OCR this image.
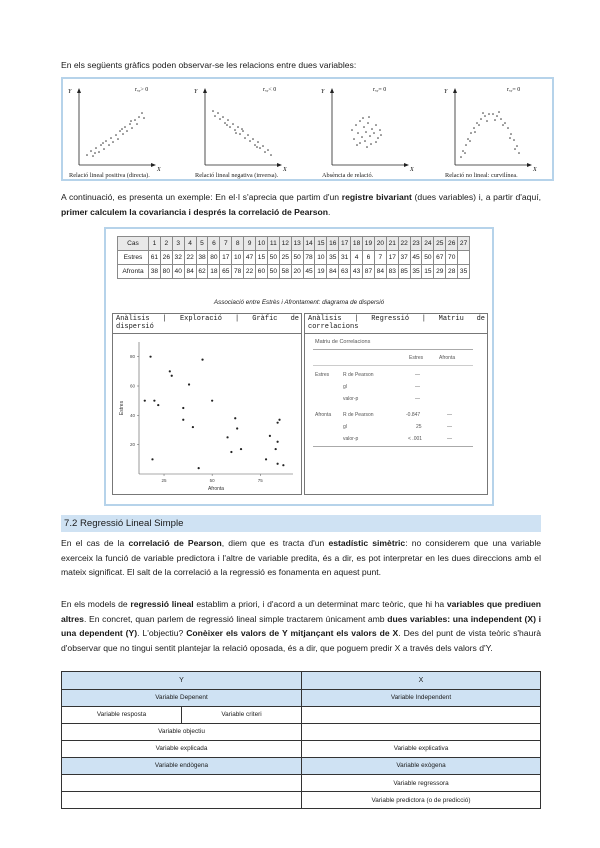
En els següents gràfics poden observar-se les relacions entre dues variables:

Y
X
rₓᵧ> 0
Relació lineal positiva (directa).
Y
X
rₓᵧ< 0
Relació lineal negativa (inversa).
Y
X
rₓᵧ= 0
Absència de relació.
Y
X
rₓᵧ= 0
Relació no lineal: curvilínea.

A continuació, es presenta un exemple: En el·l s'aprecia que partim d'un registre bivariant (dues variables) i, a partir d'aquí, primer calculem la covariancia i després la correlació de Pearson.

Cas	1	2	3	4	5	6	7	8	9	10	11	12	13	14	15	16	17	18	19	20	21	22	23	24	25	26	27
Estres	61	26	32	22	38	80	17	10	47	15	50	25	50	78	10	35	31	4	6	7	17	37	45	50	67	70	
Afronta	38	80	40	84	62	18	65	78	22	60	50	58	20	45	19	84	63	43	87	84	83	85	35	15	29	28	35
Associació entre Estrès i Afrontament: diagrama de dispersió
Anàlisis | Exploració | Gràfic de
dispersió
25	50	75
80
60
40
20
Afronta
Estres
Anàlisis | Regressió | Matriu de
correlacions
Matriu de Correlacions
Estres	Afronta
Estres	R de Pearson	—
gl	—
valor-p	—
Afronta R de Pearson	-0.847	—
gl	25	—
valor-p	< .001	—
7.2 Regressió Lineal Simple

En el cas de la correlació de Pearson, diem que es tracta d'un estadístic simètric: no considerem que una variable exerceix la funció de variable predictora i l'altre de variable predita, és a dir, es pot interpretar en les dues direccions amb el mateix significat. El salt de la correlació a la regressió es fonamenta en aquest punt.

En els models de regressió lineal establim a priori, i d'acord a un determinat marc teòric, que hi ha variables que prediuen altres. En concret, quan parlem de regressió lineal simple tractarem únicament amb dues variables: una independent (X) i una dependent (Y). L'objectiu? Conèixer els valors de Y mitjançant els valors de X. Des del punt de vista teòric s'haurà d'observar que no tingui sentit plantejar la relació oposada, és a dir, que poguem predir X a través dels valors d'Y.

Y		X
Variable Depenent		Variable Independent
Variable resposta	Variable criteri	
Variable objectiu		
Variable explicada		Variable explicativa
Variable endògena		Variable exògena
		Variable regressora
		Variable predictora (o de predicció)
